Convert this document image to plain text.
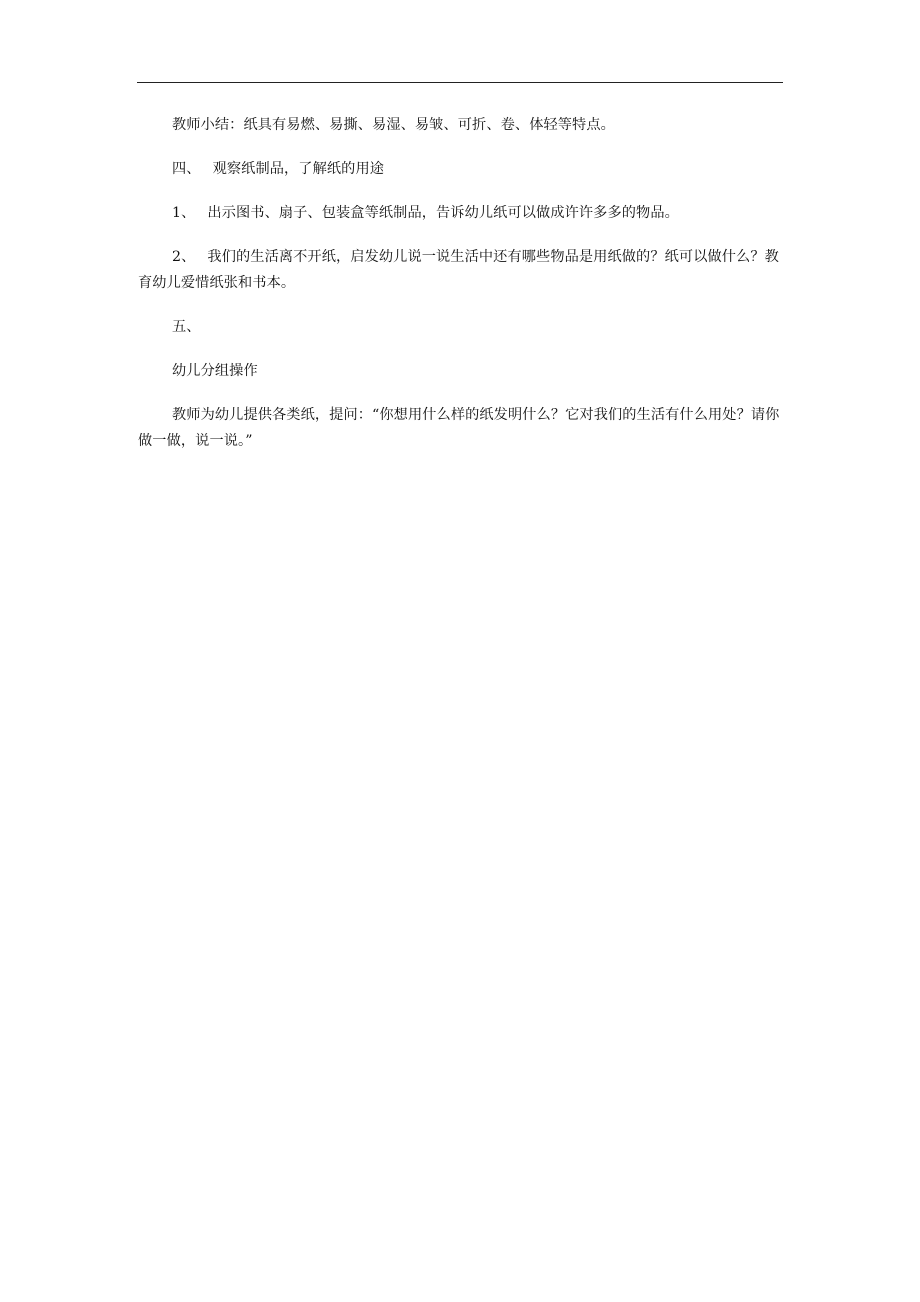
教师小结：纸具有易燃、易撕、易湿、易皱、可折、卷、体轻等特点。

四、 观察纸制品，了解纸的用途

1、 出示图书、扇子、包装盒等纸制品，告诉幼儿纸可以做成许许多多的物品。

2、 我们的生活离不开纸，启发幼儿说一说生活中还有哪些物品是用纸做的？纸可以做什么？教育幼儿爱惜纸张和书本。

五、

幼儿分组操作

教师为幼儿提供各类纸，提问：“你想用什么样的纸发明什么？它对我们的生活有什么用处？请你做一做，说一说。”
